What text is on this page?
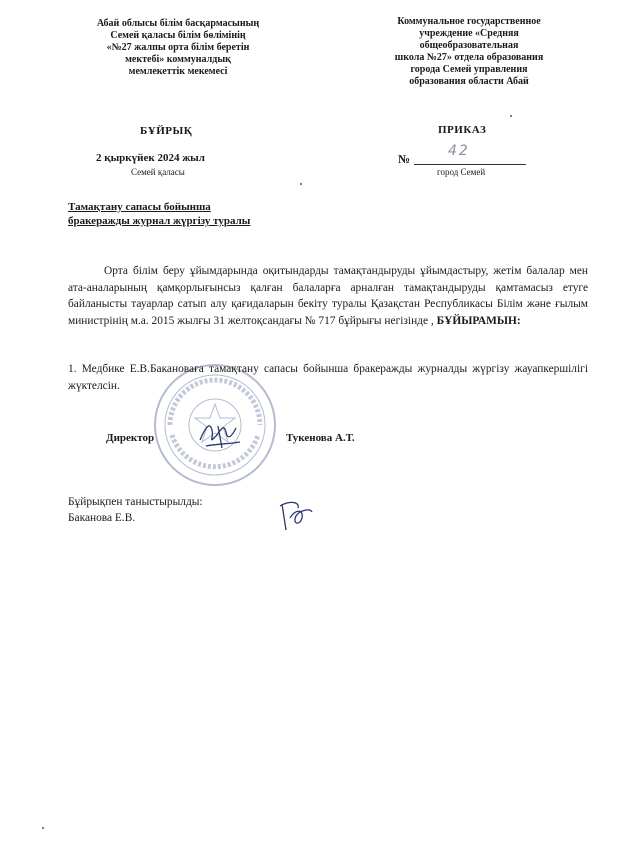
Абай облысы білім басқармасының
Семей қаласы білім бөлімінің
«№27 жалпы орта білім беретін
мектебі» коммуналдық
мемлекеттік мекемесі
Коммунальное государственное
учреждение «Средняя
общеобразовательная
школа №27» отдела образования
города Семей управления
образования области Абай
БҰЙРЫҚ	ПРИКАЗ
2 қыркүйек 2024 жыл
Семей қаласы
№	42
город Семей
Тамақтану сапасы бойынша
бракеражды журнал жүргізу туралы
Орта білім беру ұйымдарында оқитындарды тамақтандыруды ұйымдастыру, жетім балалар мен ата-аналарының қамқорлығынсыз қалған балаларға арналған тамақтандыруды қамтамасыз етуге байланысты тауарлар сатып алу қағидаларын бекіту туралы Қазақстан Республикасы Білім және ғылым министрінің м.а. 2015 жылғы 31 желтоқсандағы № 717 бұйрығы негізінде , БҰЙЫРАМЫН:
1. Медбике Е.В.Бакановаға тамақтану сапасы бойынша бракеражды журналды жүргізу жауапкершілігі жүктелсін.
Директор	Тукенова А.Т.
Бұйрықпен таныстырылды:
Баканова Е.В.
